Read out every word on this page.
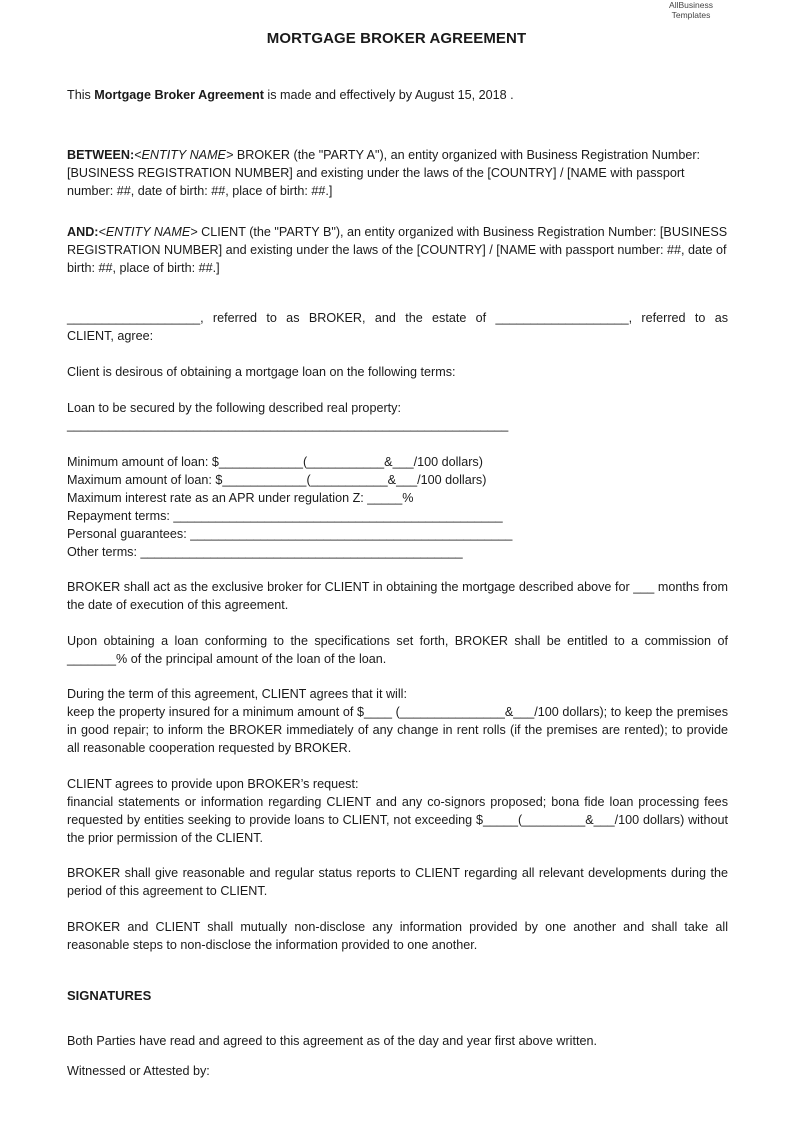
AllBusiness
Templates
MORTGAGE BROKER AGREEMENT
This Mortgage Broker Agreement is made and effectively by August 15, 2018 .
BETWEEN:<ENTITY NAME> BROKER (the "PARTY A"), an entity organized with Business Registration Number: [BUSINESS REGISTRATION NUMBER] and existing under the laws of the [COUNTRY] / [NAME with passport number: ##, date of birth: ##, place of birth: ##.]
AND:<ENTITY NAME> CLIENT (the "PARTY B"), an entity organized with Business Registration Number: [BUSINESS REGISTRATION NUMBER] and existing under the laws of the [COUNTRY] / [NAME with passport number: ##, date of birth: ##, place of birth: ##.]
___________________, referred to as BROKER, and the estate of ___________________, referred to as
CLIENT, agree:
Client is desirous of obtaining a mortgage loan on the following terms:
Loan to be secured by the following described real property:
_______________________________________________________________
Minimum amount of loan: $____________(___________&___/100 dollars)
Maximum amount of loan: $____________(___________&___/100 dollars)
Maximum interest rate as an APR under regulation Z: _____%
Repayment terms: _______________________________________________
Personal guarantees: ______________________________________________
Other terms: ______________________________________________
BROKER shall act as the exclusive broker for CLIENT in obtaining the mortgage described above for ___ months from the date of execution of this agreement.
Upon obtaining a loan conforming to the specifications set forth, BROKER shall be entitled to a commission of _______% of the principal amount of the loan of the loan.
During the term of this agreement, CLIENT agrees that it will:
keep the property insured for a minimum amount of $____ (_______________&___/100 dollars); to keep the premises in good repair; to inform the BROKER immediately of any change in rent rolls (if the premises are rented); to provide all reasonable cooperation requested by BROKER.
CLIENT agrees to provide upon BROKER’s request:
financial statements or information regarding CLIENT and any co-signors proposed; bona fide loan processing fees requested by entities seeking to provide loans to CLIENT, not exceeding $_____(_________&___/100 dollars) without the prior permission of the CLIENT.
BROKER shall give reasonable and regular status reports to CLIENT regarding all relevant developments during the period of this agreement to CLIENT.
BROKER and CLIENT shall mutually non-disclose any information provided by one another and shall take all reasonable steps to non-disclose the information provided to one another.
SIGNATURES
Both Parties have read and agreed to this agreement as of the day and year first above written.
Witnessed or Attested by:
